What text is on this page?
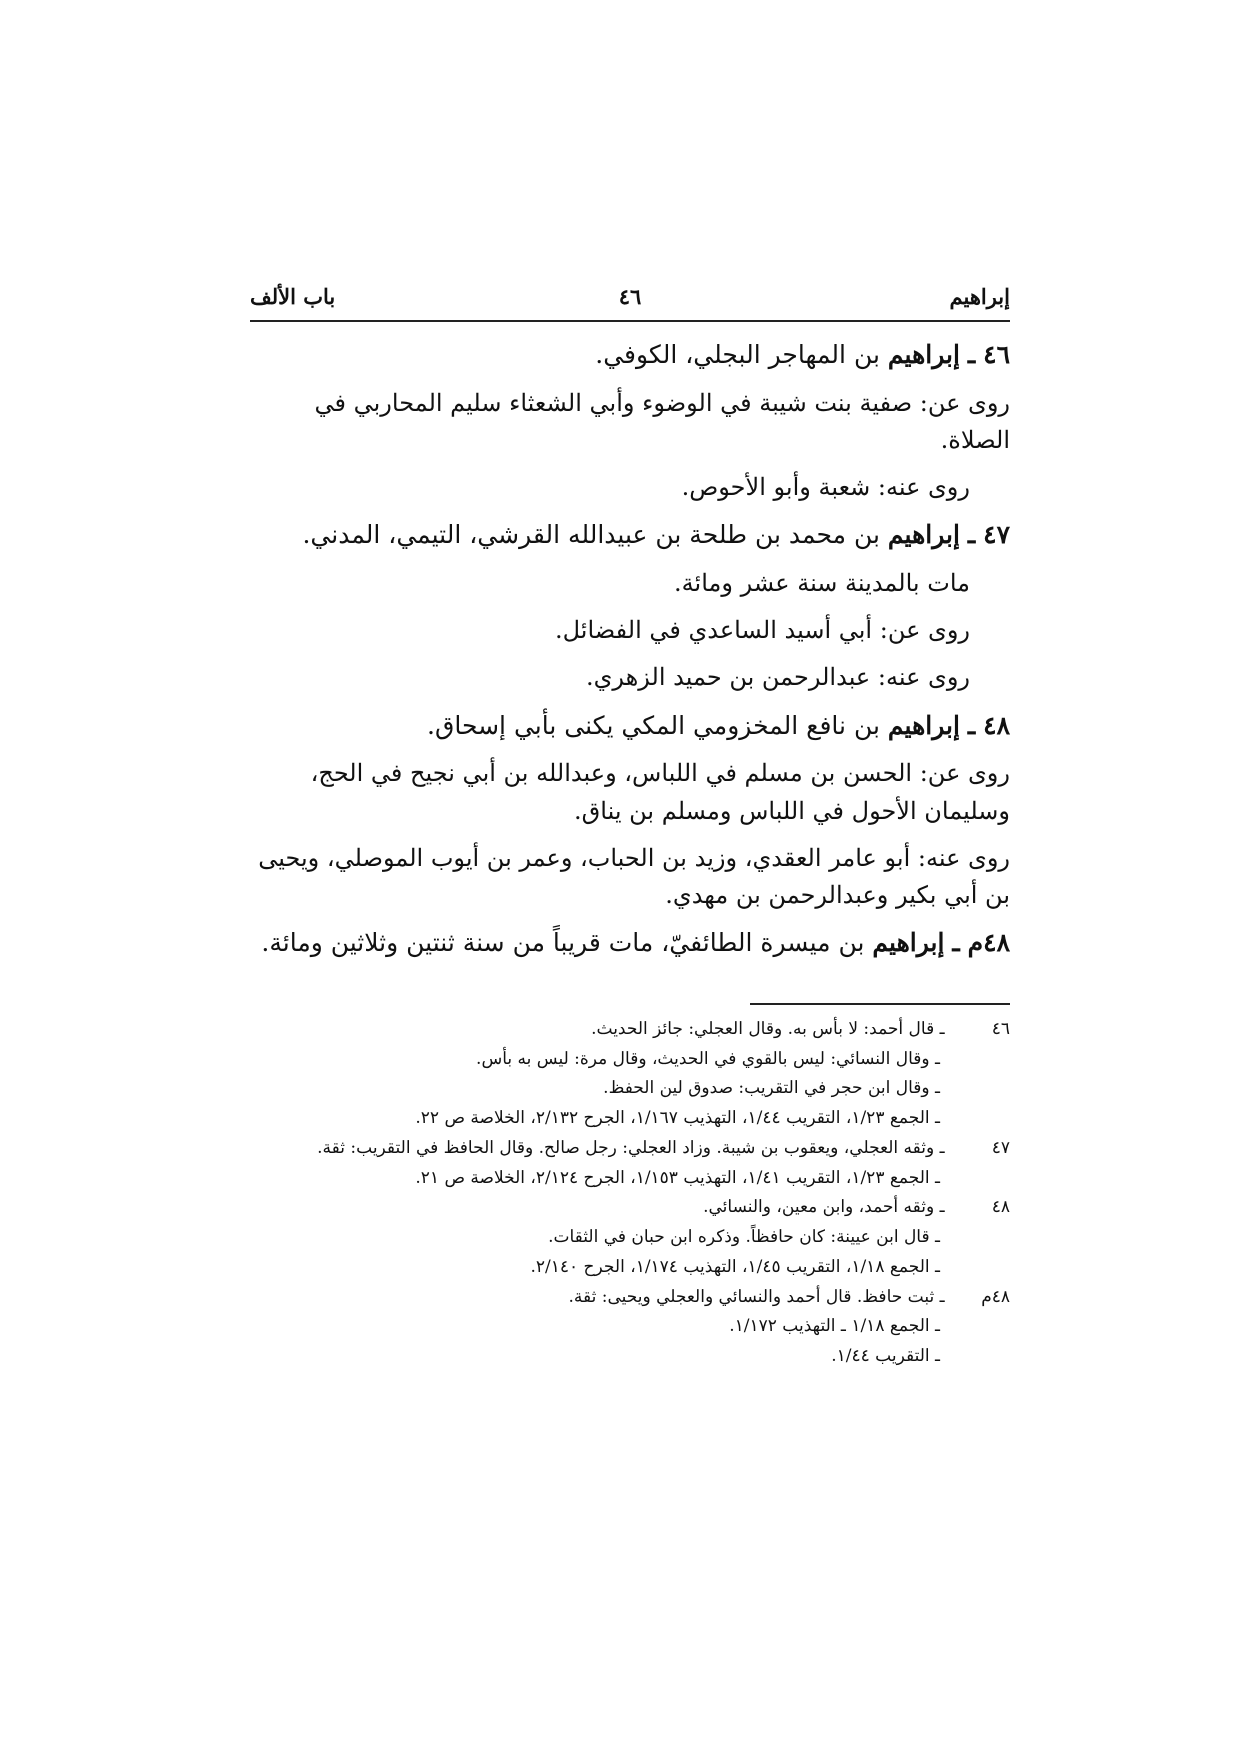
إبراهيم
٤٦
باب الألف

٤٦ ـ إبراهيم بن المهاجر البجلي، الكوفي.

روى عن: صفية بنت شيبة في الوضوء وأبي الشعثاء سليم المحاربي في الصلاة.

روى عنه: شعبة وأبو الأحوص.

٤٧ ـ إبراهيم بن محمد بن طلحة بن عبيدالله القرشي، التيمي، المدني.

مات بالمدينة سنة عشر ومائة.

روى عن: أبي أسيد الساعدي في الفضائل.

روى عنه: عبدالرحمن بن حميد الزهري.

٤٨ ـ إبراهيم بن نافع المخزومي المكي يكنى بأبي إسحاق.

روى عن: الحسن بن مسلم في اللباس، وعبدالله بن أبي نجيح في الحج، وسليمان الأحول في اللباس ومسلم بن يناق.

روى عنه: أبو عامر العقدي، وزيد بن الحباب، وعمر بن أيوب الموصلي، ويحيى بن أبي بكير وعبدالرحمن بن مهدي.

٤٨م ـ إبراهيم بن ميسرة الطائفيّ، مات قريباً من سنة ثنتين وثلاثين ومائة.

٤٦ ـ قال أحمد: لا بأس به. وقال العجلي: جائز الحديث.

ـ وقال النسائي: ليس بالقوي في الحديث، وقال مرة: ليس به بأس.

ـ وقال ابن حجر في التقريب: صدوق لين الحفظ.

ـ الجمع ١/٢٣، التقريب ١/٤٤، التهذيب ١/١٦٧، الجرح ٢/١٣٢، الخلاصة ص ٢٢.

٤٧ ـ وثقه العجلي، ويعقوب بن شيبة. وزاد العجلي: رجل صالح. وقال الحافظ في التقريب: ثقة.

ـ الجمع ١/٢٣، التقريب ١/٤١، التهذيب ١/١٥٣، الجرح ٢/١٢٤، الخلاصة ص ٢١.

٤٨ ـ وثقه أحمد، وابن معين، والنسائي.

ـ قال ابن عيينة: كان حافظاً. وذكره ابن حبان في الثقات.

ـ الجمع ١/١٨، التقريب ١/٤٥، التهذيب ١/١٧٤، الجرح ٢/١٤٠.

٤٨م ـ ثبت حافظ. قال أحمد والنسائي والعجلي ويحيى: ثقة.

ـ الجمع ١/١٨ ـ التهذيب ١/١٧٢.

ـ التقريب ١/٤٤.
